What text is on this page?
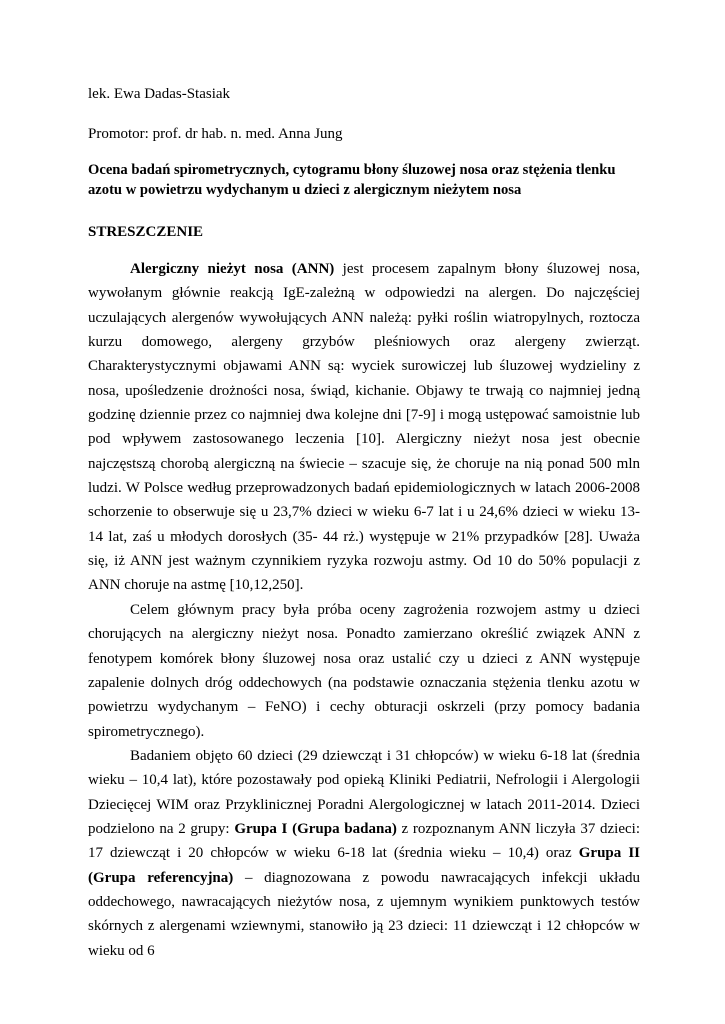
lek. Ewa Dadas-Stasiak

Promotor: prof. dr hab. n. med. Anna Jung

Ocena badań spirometrycznych, cytogramu błony śluzowej nosa oraz stężenia tlenku
azotu w powietrzu wydychanym u dzieci z alergicznym nieżytem nosa

STRESZCZENIE

Alergiczny nieżyt nosa (ANN) jest procesem zapalnym błony śluzowej nosa, wywołanym głównie reakcją IgE-zależną w odpowiedzi na alergen. Do najczęściej uczulających alergenów wywołujących ANN należą: pyłki roślin wiatropylnych, roztocza kurzu domowego, alergeny grzybów pleśniowych oraz alergeny zwierząt. Charakterystycznymi objawami ANN są: wyciek surowiczej lub śluzowej wydzieliny z nosa, upośledzenie drożności nosa, świąd, kichanie. Objawy te trwają co najmniej jedną godzinę dziennie przez co najmniej dwa kolejne dni [7-9] i mogą ustępować samoistnie lub pod wpływem zastosowanego leczenia [10]. Alergiczny nieżyt nosa jest obecnie najczęstszą chorobą alergiczną na świecie – szacuje się, że choruje na nią ponad 500 mln ludzi. W Polsce według przeprowadzonych badań epidemiologicznych w latach 2006-2008 schorzenie to obserwuje się u 23,7% dzieci w wieku 6-7 lat i u 24,6% dzieci w wieku 13- 14 lat, zaś u młodych dorosłych (35- 44 rż.) występuje w 21% przypadków [28]. Uważa się, iż ANN jest ważnym czynnikiem ryzyka rozwoju astmy. Od 10 do 50% populacji z ANN choruje na astmę [10,12,250].

Celem głównym pracy była próba oceny zagrożenia rozwojem astmy u dzieci chorujących na alergiczny nieżyt nosa. Ponadto zamierzano określić związek ANN z fenotypem komórek błony śluzowej nosa oraz ustalić czy u dzieci z ANN występuje zapalenie dolnych dróg oddechowych (na podstawie oznaczania stężenia tlenku azotu w powietrzu wydychanym – FeNO) i cechy obturacji oskrzeli (przy pomocy badania spirometrycznego).

Badaniem objęto 60 dzieci (29 dziewcząt i 31 chłopców) w wieku 6-18 lat (średnia wieku – 10,4 lat), które pozostawały pod opieką Kliniki Pediatrii, Nefrologii i Alergologii Dziecięcej WIM oraz Przyklinicznej Poradni Alergologicznej w latach 2011-2014. Dzieci podzielono na 2 grupy: Grupa I (Grupa badana) z rozpoznanym ANN liczyła 37 dzieci: 17 dziewcząt i 20 chłopców w wieku 6-18 lat (średnia wieku – 10,4) oraz Grupa II (Grupa referencyjna) – diagnozowana z powodu nawracających infekcji układu oddechowego, nawracających nieżytów nosa, z ujemnym wynikiem punktowych testów skórnych z alergenami wziewnymi, stanowiło ją 23 dzieci: 11 dziewcząt i 12 chłopców w wieku od 6
